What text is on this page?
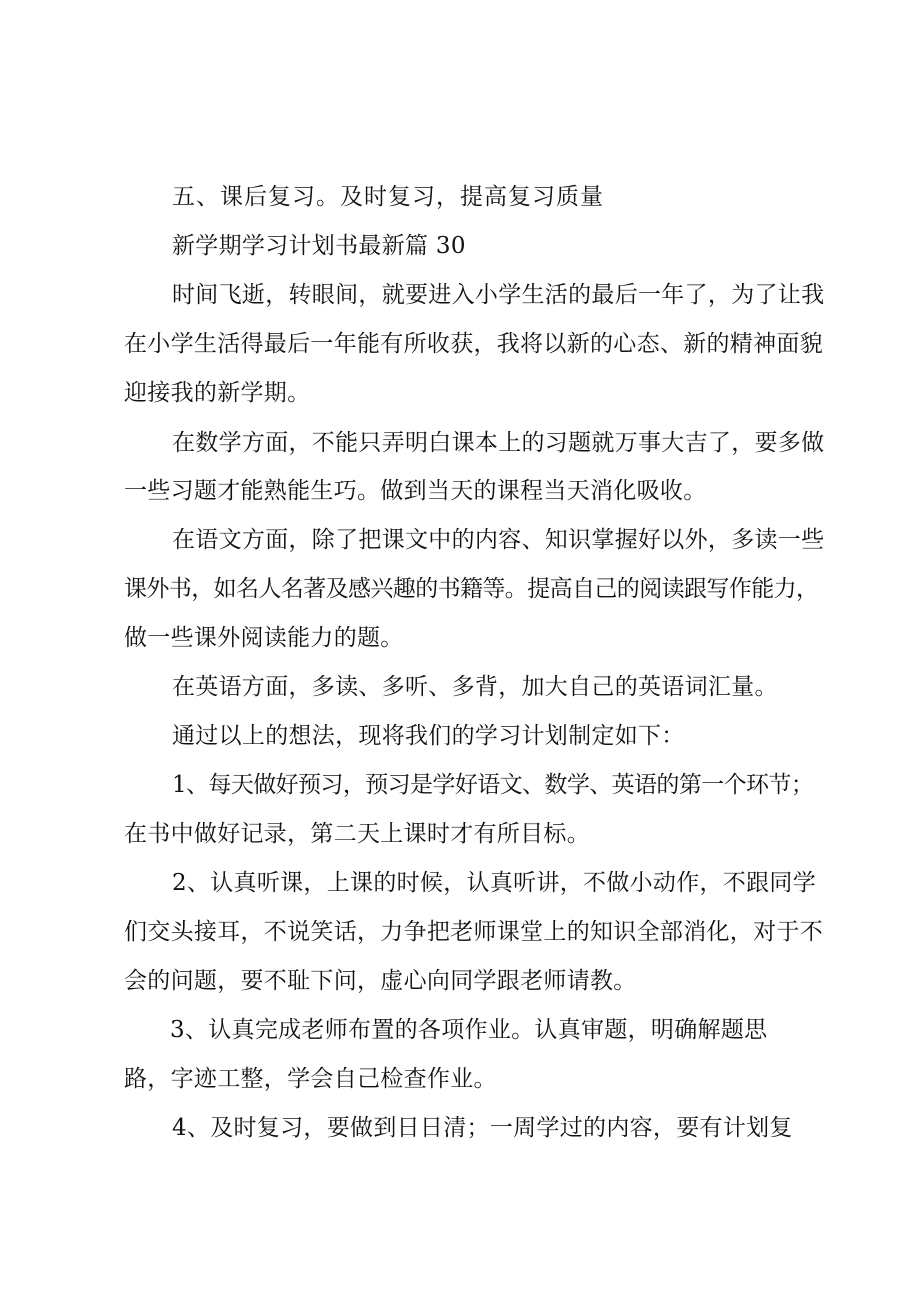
五、课后复习。及时复习，提高复习质量
新学期学习计划书最新篇 30
时间飞逝，转眼间，就要进入小学生活的最后一年了，为了让我
在小学生活得最后一年能有所收获，我将以新的心态、新的精神面貌
迎接我的新学期。
在数学方面，不能只弄明白课本上的习题就万事大吉了，要多做
一些习题才能熟能生巧。做到当天的课程当天消化吸收。
在语文方面，除了把课文中的内容、知识掌握好以外，多读一些
课外书，如名人名著及感兴趣的书籍等。提高自己的阅读跟写作能力，
做一些课外阅读能力的题。
在英语方面，多读、多听、多背，加大自己的英语词汇量。
通过以上的想法，现将我们的学习计划制定如下：
1、每天做好预习，预习是学好语文、数学、英语的第一个环节；
在书中做好记录，第二天上课时才有所目标。
2、认真听课，上课的时候，认真听讲，不做小动作，不跟同学
们交头接耳，不说笑话，力争把老师课堂上的知识全部消化，对于不
会的问题，要不耻下问，虚心向同学跟老师请教。
3、认真完成老师布置的各项作业。认真审题，明确解题思
路，字迹工整，学会自己检查作业。
4、及时复习，要做到日日清；一周学过的内容，要有计划复
